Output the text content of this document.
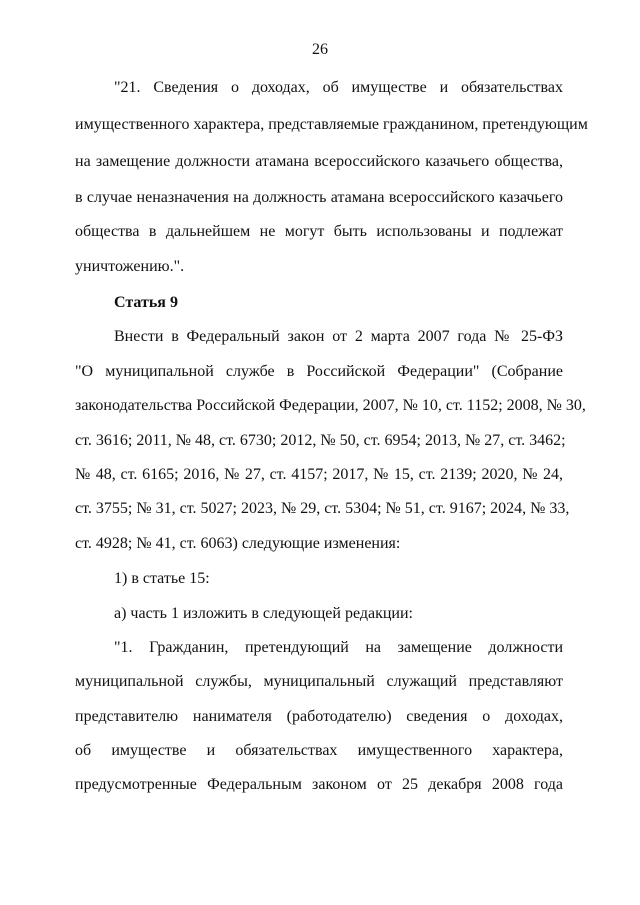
26
"21. Сведения о доходах, об имуществе и обязательствах
имущественного характера, представляемые гражданином, претендующим
на замещение должности атамана всероссийского казачьего общества,
в случае неназначения на должность атамана всероссийского казачьего
общества в дальнейшем не могут быть использованы и подлежат
уничтожению.".
Статья 9
Внести в Федеральный закон от 2 марта 2007 года № 25-ФЗ
"О муниципальной службе в Российской Федерации" (Собрание
законодательства Российской Федерации, 2007, № 10, ст. 1152; 2008, № 30,
ст. 3616; 2011, № 48, ст. 6730; 2012, № 50, ст. 6954; 2013, № 27, ст. 3462;
№ 48, ст. 6165; 2016, № 27, ст. 4157; 2017, № 15, ст. 2139; 2020, № 24,
ст. 3755; № 31, ст. 5027; 2023, № 29, ст. 5304; № 51, ст. 9167; 2024, № 33,
ст. 4928; № 41, ст. 6063) следующие изменения:
1) в статье 15:
а) часть 1 изложить в следующей редакции:
"1. Гражданин, претендующий на замещение должности
муниципальной службы, муниципальный служащий представляют
представителю нанимателя (работодателю) сведения о доходах,
об имуществе и обязательствах имущественного характера,
предусмотренные Федеральным законом от 25 декабря 2008 года
